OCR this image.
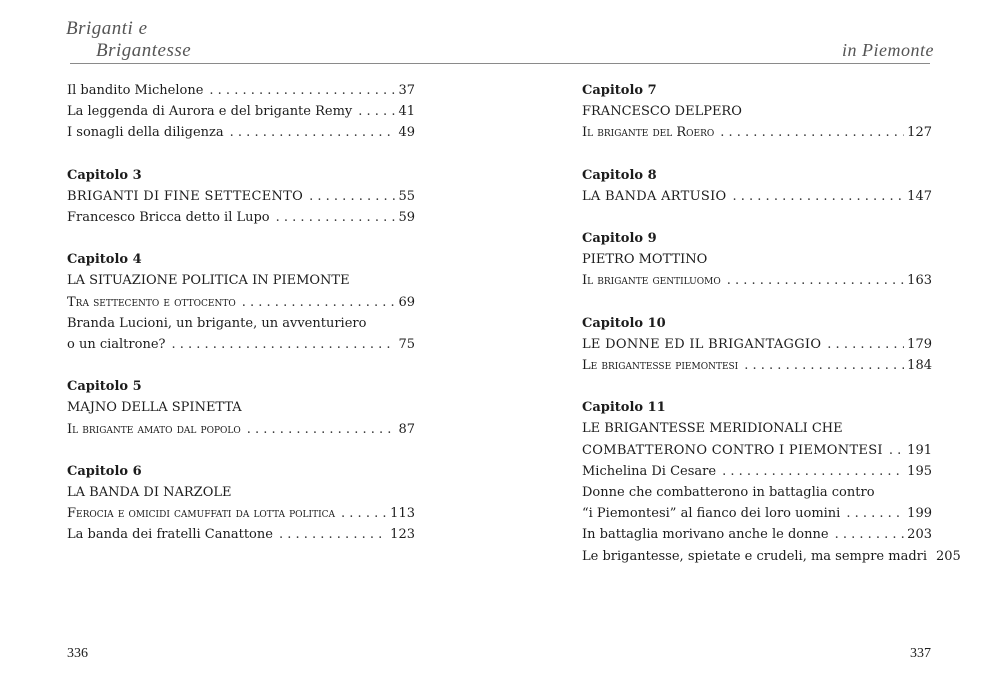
Briganti e
Brigantesse	in Piemonte
Il bandito Michelone . . .	37
La leggenda di Aurora e del brigante Remy . . .	41
I sonagli della diligenza . . .	49
Capitolo 3
BRIGANTI DI FINE SETTECENTO . . .	55
Francesco Bricca detto il Lupo . . .	59
Capitolo 4
LA SITUAZIONE POLITICA IN PIEMONTE
Tra settecento e ottocento . . .	69
Branda Lucioni, un brigante, un avventuriero
o un cialtrone? . . .	75
Capitolo 5
MAJNO DELLA SPINETTA
Il brigante amato dal popolo . . .	87
Capitolo 6
LA BANDA DI NARZOLE
Ferocia e omicidi camuffati da lotta politica . . .	113
La banda dei fratelli Canattone . . .	123
Capitolo 7
FRANCESCO DELPERO
Il brigante del Roero . . .	127
Capitolo 8
LA BANDA ARTUSIO . . .	147
Capitolo 9
PIETRO MOTTINO
Il brigante gentiluomo . . .	163
Capitolo 10
LE DONNE ED IL BRIGANTAGGIO . . .	179
Le brigantesse piemontesi . . .	184
Capitolo 11
LE BRIGANTESSE MERIDIONALI CHE
COMBATTERONO CONTRO I PIEMONTESI . . . 191
Michelina Di Cesare . . .	195
Donne che combatterono in battaglia contro
“i Piemontesi” al fianco dei loro uomini . . .	199
In battaglia morivano anche le donne . . .	203
Le brigantesse, spietate e crudeli, ma sempre madri 205
336	337
